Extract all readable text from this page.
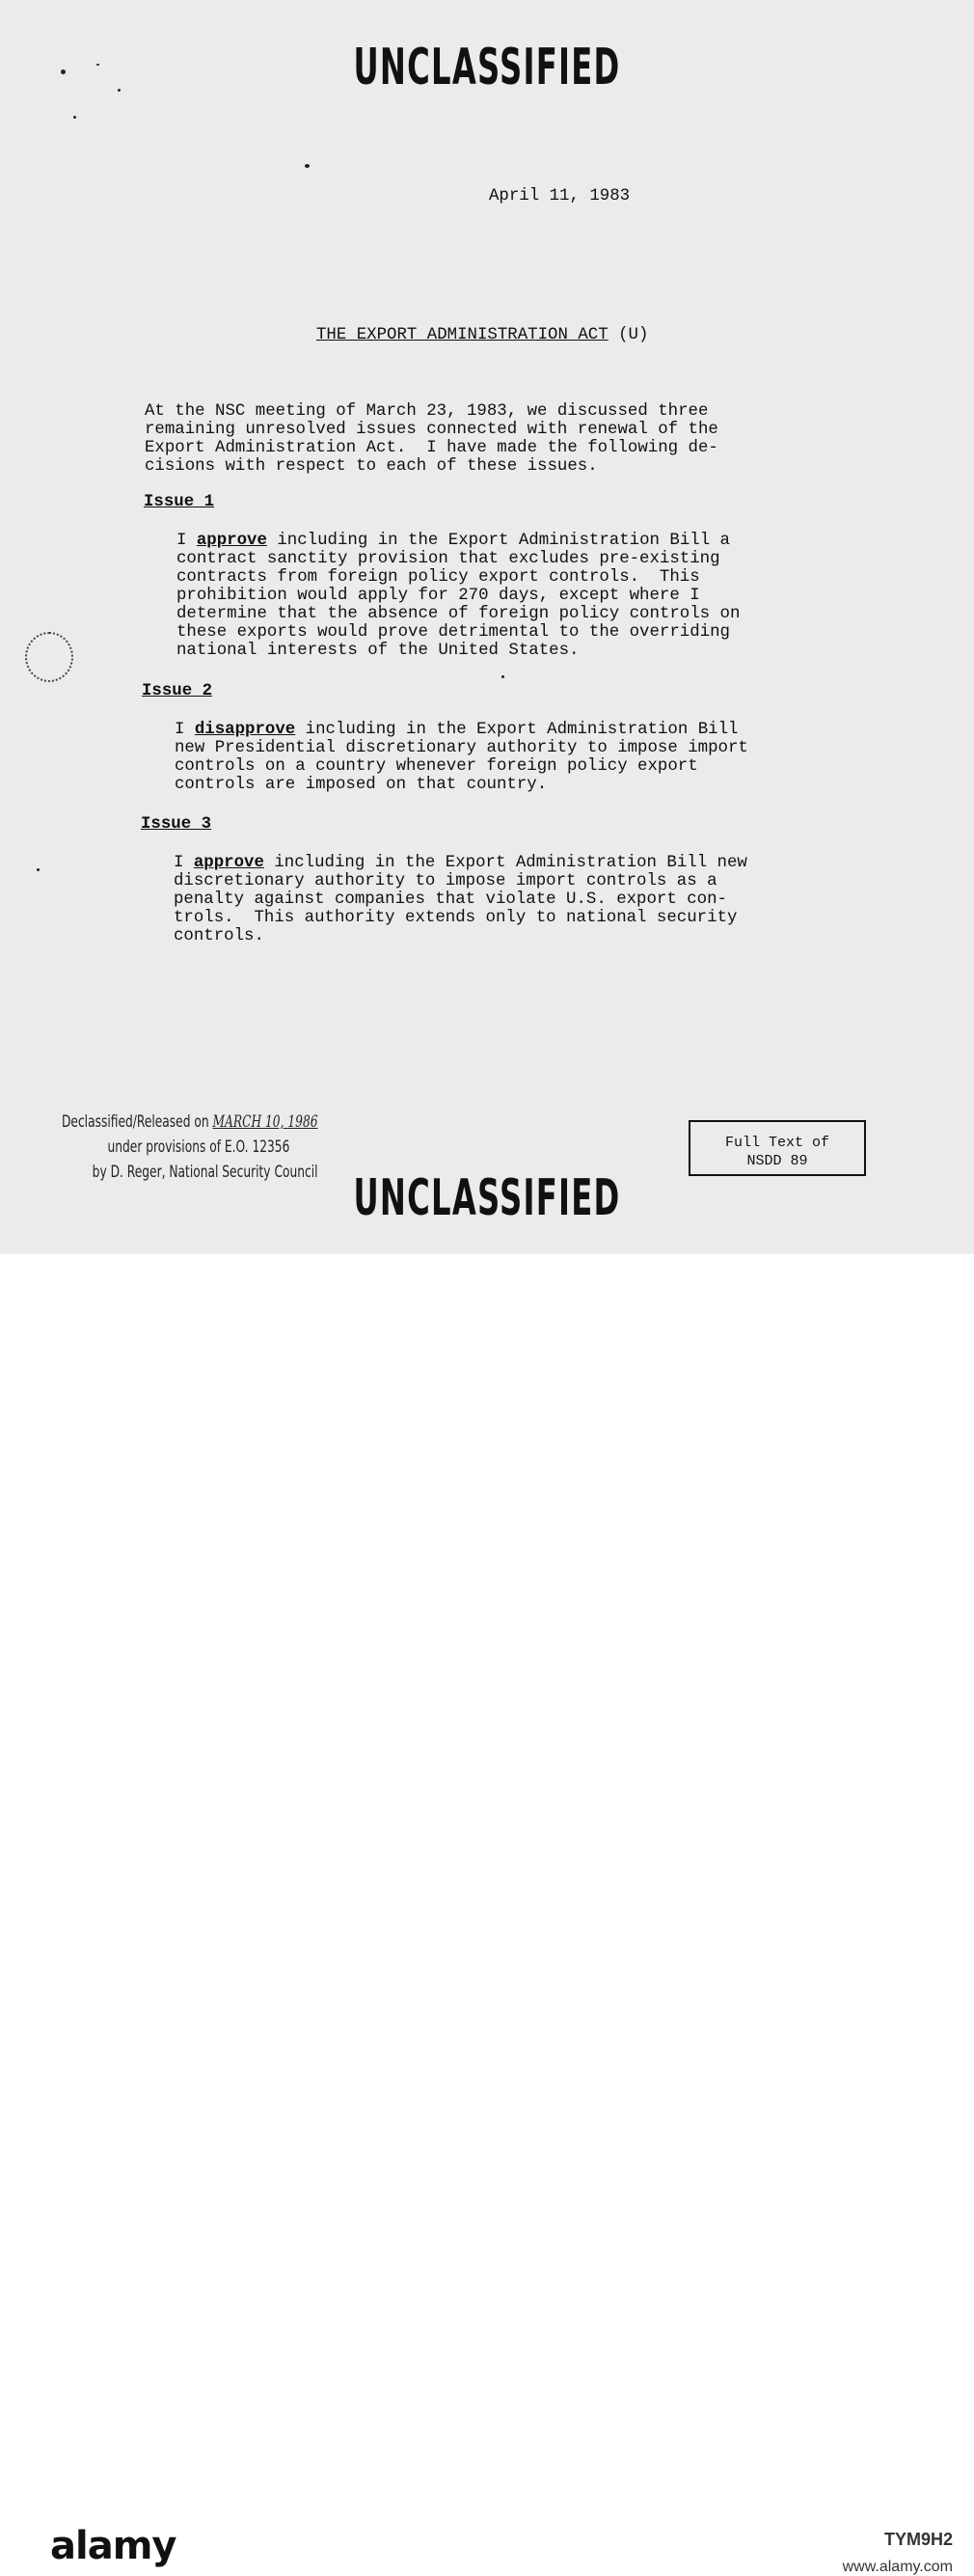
UNCLASSIFIED
April 11, 1983
THE EXPORT ADMINISTRATION ACT (U)
At the NSC meeting of March 23, 1983, we discussed three
remaining unresolved issues connected with renewal of the
Export Administration Act.  I have made the following de-
cisions with respect to each of these issues.
Issue 1
I approve including in the Export Administration Bill a
contract sanctity provision that excludes pre-existing
contracts from foreign policy export controls.  This
prohibition would apply for 270 days, except where I
determine that the absence of foreign policy controls on
these exports would prove detrimental to the overriding
national interests of the United States.
Issue 2
I disapprove including in the Export Administration Bill
new Presidential discretionary authority to impose import
controls on a country whenever foreign policy export
controls are imposed on that country.
Issue 3
I approve including in the Export Administration Bill new
discretionary authority to impose import controls as a
penalty against companies that violate U.S. export con-
trols.  This authority extends only to national security
controls.
Declassified/Released on MARCH 10, 1986
under provisions of E.O. 12356
by D. Reger, National Security Council
Full Text of
NSDD 89
UNCLASSIFIED
alamy	TYM9H2
www.alamy.com
